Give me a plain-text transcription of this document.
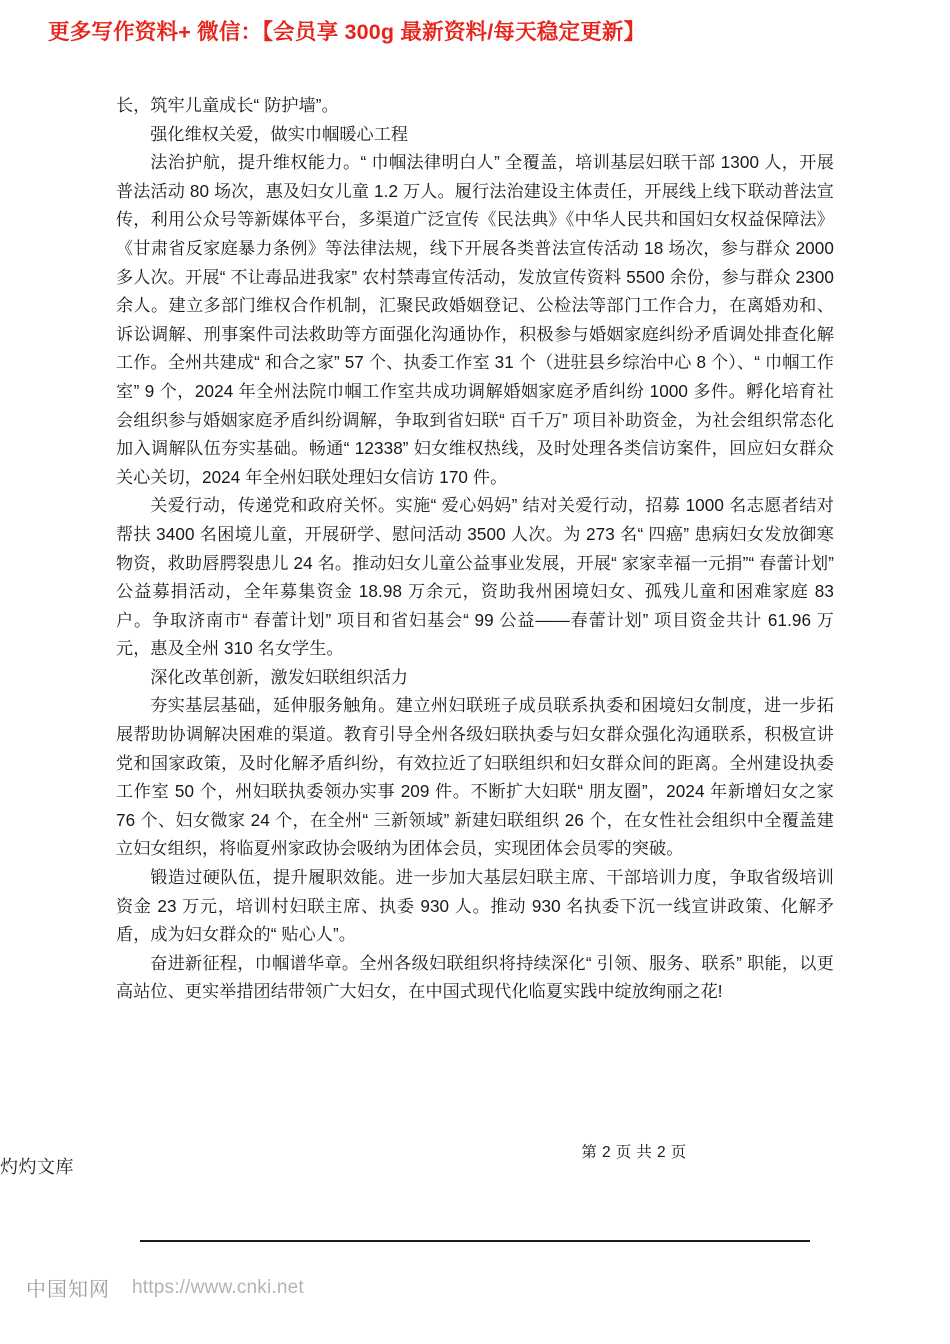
更多写作资料+ 微信：【会员享 300g 最新资料/每天稳定更新】

长，筑牢儿童成长“ 防护墙”。

强化维权关爱，做实巾帼暖心工程

法治护航，提升维权能力。“ 巾帼法律明白人” 全覆盖，培训基层妇联干部 1300 人，开展普法活动 80 场次，惠及妇女儿童 1.2 万人。履行法治建设主体责任，开展线上线下联动普法宣传，利用公众号等新媒体平台，多渠道广泛宣传《民法典》《中华人民共和国妇女权益保障法》《甘肃省反家庭暴力条例》等法律法规，线下开展各类普法宣传活动 18 场次，参与群众 2000 多人次。开展“ 不让毒品进我家” 农村禁毒宣传活动，发放宣传资料 5500 余份，参与群众 2300 余人。建立多部门维权合作机制，汇聚民政婚姻登记、公检法等部门工作合力，在离婚劝和、诉讼调解、刑事案件司法救助等方面强化沟通协作，积极参与婚姻家庭纠纷矛盾调处排查化解工作。全州共建成“ 和合之家” 57 个、执委工作室 31 个（进驻县乡综治中心 8 个）、“ 巾帼工作室” 9 个，2024 年全州法院巾帼工作室共成功调解婚姻家庭矛盾纠纷 1000 多件。孵化培育社会组织参与婚姻家庭矛盾纠纷调解，争取到省妇联“ 百千万” 项目补助资金，为社会组织常态化加入调解队伍夯实基础。畅通“ 12338” 妇女维权热线，及时处理各类信访案件，回应妇女群众关心关切，2024 年全州妇联处理妇女信访 170 件。

关爱行动，传递党和政府关怀。实施“ 爱心妈妈” 结对关爱行动，招募 1000 名志愿者结对帮扶 3400 名困境儿童，开展研学、慰问活动 3500 人次。为 273 名“ 四癌” 患病妇女发放御寒物资，救助唇腭裂患儿 24 名。推动妇女儿童公益事业发展，开展“ 家家幸福一元捐”“ 春蕾计划”公益募捐活动，全年募集资金 18.98 万余元，资助我州困境妇女、孤残儿童和困难家庭 83 户。争取济南市“ 春蕾计划” 项目和省妇基会“ 99 公益——春蕾计划” 项目资金共计 61.96 万元，惠及全州 310 名女学生。

深化改革创新，激发妇联组织活力

夯实基层基础，延伸服务触角。建立州妇联班子成员联系执委和困境妇女制度，进一步拓展帮助协调解决困难的渠道。教育引导全州各级妇联执委与妇女群众强化沟通联系，积极宣讲党和国家政策，及时化解矛盾纠纷，有效拉近了妇联组织和妇女群众间的距离。全州建设执委工作室 50 个，州妇联执委领办实事 209 件。不断扩大妇联“ 朋友圈”，2024 年新增妇女之家 76 个、妇女微家 24 个，在全州“ 三新领域” 新建妇联组织 26 个，在女性社会组织中全覆盖建立妇女组织，将临夏州家政协会吸纳为团体会员，实现团体会员零的突破。

锻造过硬队伍，提升履职效能。进一步加大基层妇联主席、干部培训力度，争取省级培训资金 23 万元，培训村妇联主席、执委 930 人。推动 930 名执委下沉一线宣讲政策、化解矛盾，成为妇女群众的“ 贴心人”。

奋进新征程，巾帼谱华章。全州各级妇联组织将持续深化“ 引领、服务、联系” 职能，以更高站位、更实举措团结带领广大妇女，在中国式现代化临夏实践中绽放绚丽之花!

第 2 页 共 2 页
灼灼文库
中国知网 https://www.cnki.net
